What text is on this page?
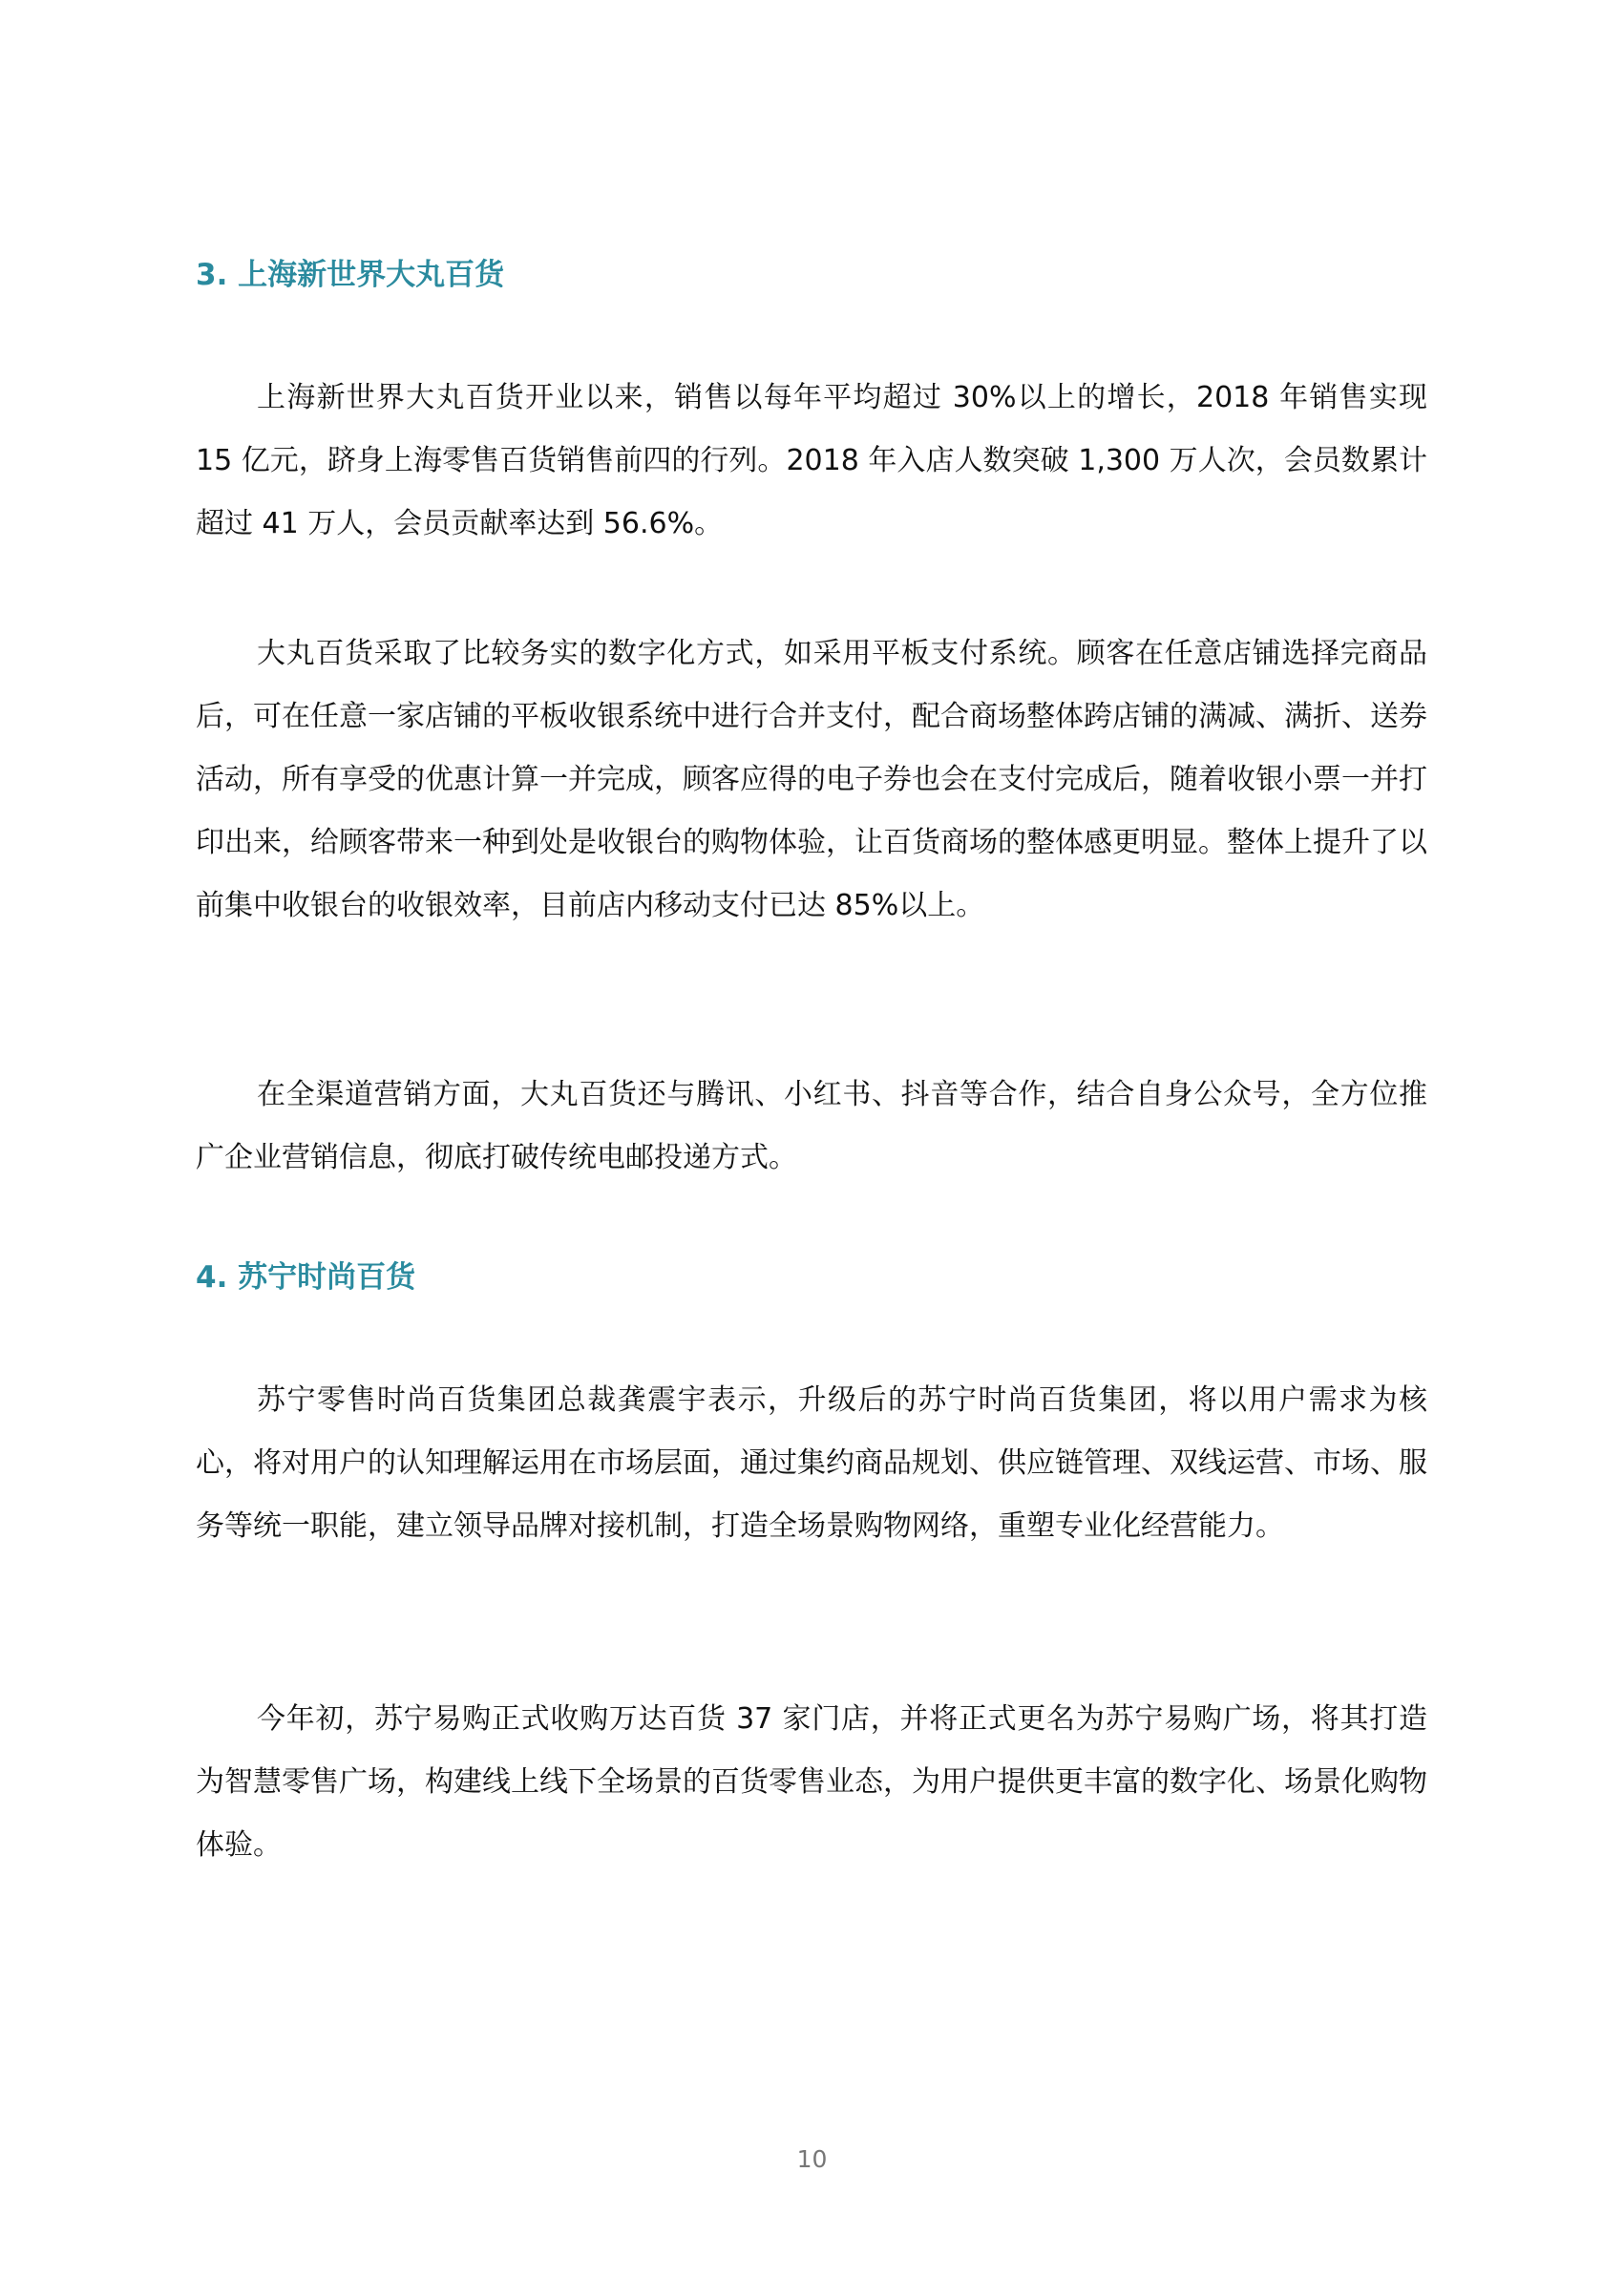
3. 上海新世界大丸百货

上海新世界大丸百货开业以来，销售以每年平均超过 30%以上的增长，2018 年销售实现 15 亿元，跻身上海零售百货销售前四的行列。2018 年入店人数突破 1,300 万人次，会员数累计超过 41 万人，会员贡献率达到 56.6%。

大丸百货采取了比较务实的数字化方式，如采用平板支付系统。顾客在任意店铺选择完商品后，可在任意一家店铺的平板收银系统中进行合并支付，配合商场整体跨店铺的满减、满折、送券活动，所有享受的优惠计算一并完成，顾客应得的电子券也会在支付完成后，随着收银小票一并打印出来，给顾客带来一种到处是收银台的购物体验，让百货商场的整体感更明显。整体上提升了以前集中收银台的收银效率，目前店内移动支付已达 85%以上。

在全渠道营销方面，大丸百货还与腾讯、小红书、抖音等合作，结合自身公众号，全方位推广企业营销信息，彻底打破传统电邮投递方式。

4. 苏宁时尚百货

苏宁零售时尚百货集团总裁龚震宇表示，升级后的苏宁时尚百货集团，将以用户需求为核心，将对用户的认知理解运用在市场层面，通过集约商品规划、供应链管理、双线运营、市场、服务等统一职能，建立领导品牌对接机制，打造全场景购物网络，重塑专业化经营能力。

今年初，苏宁易购正式收购万达百货 37 家门店，并将正式更名为苏宁易购广场，将其打造为智慧零售广场，构建线上线下全场景的百货零售业态，为用户提供更丰富的数字化、场景化购物体验。

10
